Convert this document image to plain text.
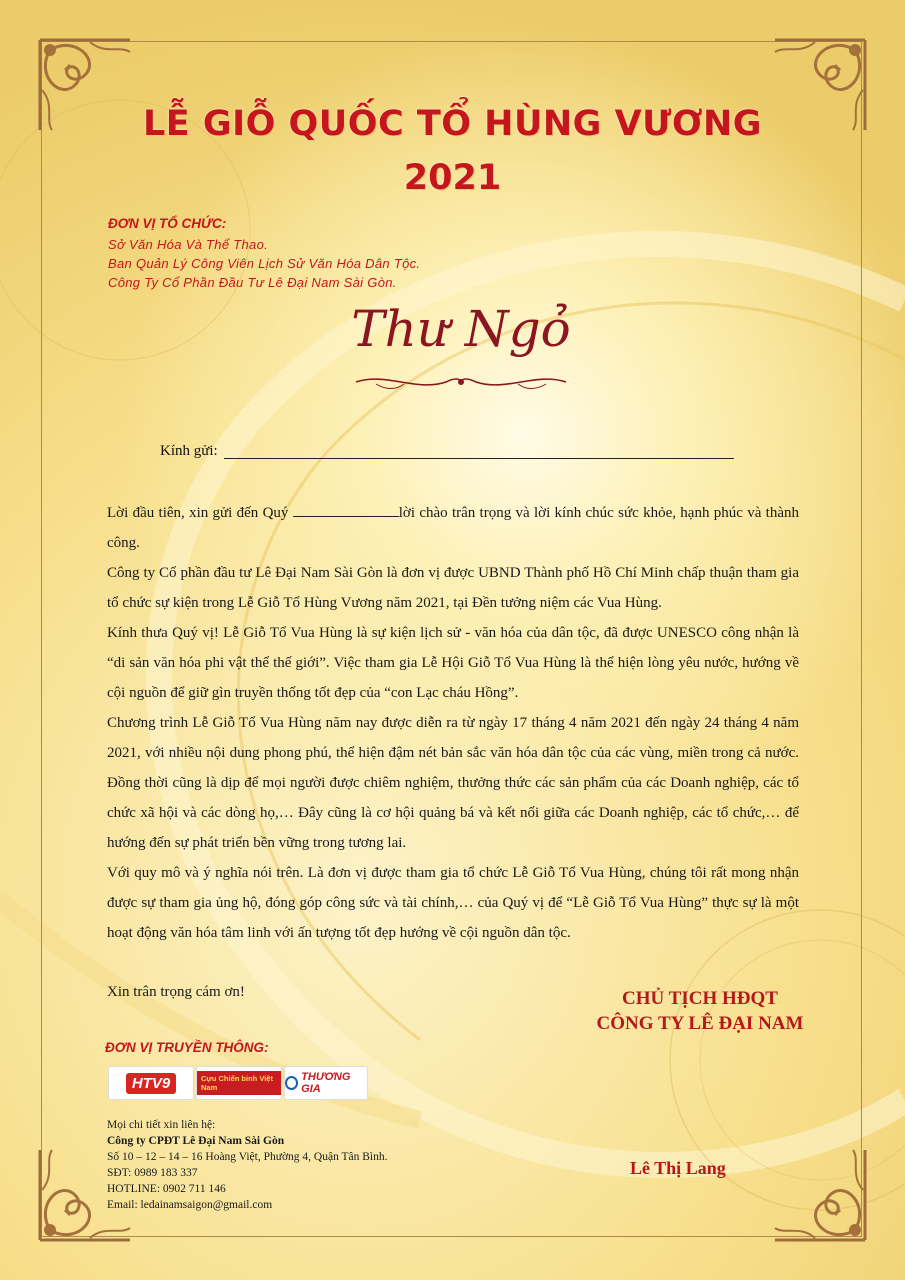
LỄ GIỖ QUỐC TỔ HÙNG VƯƠNG
2021
ĐƠN VỊ TỔ CHỨC:
Sở Văn Hóa Và Thể Thao.
Ban Quản Lý Công Viên Lịch Sử Văn Hóa Dân Tộc.
Công Ty Cổ Phần Đầu Tư Lê Đại Nam Sài Gòn.
Thư Ngỏ
Kính gửi:
Lời đầu tiên, xin gửi đến Quý	lời chào trân trọng và lời kính chúc sức khỏe, hạnh phúc và thành công.
Công ty Cổ phần đầu tư Lê Đại Nam Sài Gòn là đơn vị được UBND Thành phố Hồ Chí Minh chấp thuận tham gia tổ chức sự kiện trong Lễ Giỗ Tổ Hùng Vương năm 2021, tại Đền tưởng niệm các Vua Hùng.
Kính thưa Quý vị! Lễ Giỗ Tổ Vua Hùng là sự kiện lịch sử - văn hóa của dân tộc, đã được UNESCO công nhận là “di sản văn hóa phi vật thể thế giới”. Việc tham gia Lễ Hội Giỗ Tổ Vua Hùng là thể hiện lòng yêu nước, hướng về cội nguồn để giữ gìn truyền thống tốt đẹp của “con Lạc cháu Hồng”.
Chương trình Lễ Giỗ Tổ Vua Hùng năm nay được diễn ra từ ngày 17 tháng 4 năm 2021 đến ngày 24 tháng 4 năm 2021, với nhiều nội dung phong phú, thể hiện đậm nét bản sắc văn hóa dân tộc của các vùng, miền trong cả nước. Đồng thời cũng là dịp để mọi người được chiêm nghiệm, thưởng thức các sản phẩm của các Doanh nghiệp, các tổ chức xã hội và các dòng họ,… Đây cũng là cơ hội quảng bá và kết nối giữa các Doanh nghiệp, các tổ chức,… để hướng đến sự phát triển bền vững trong tương lai.
Với quy mô và ý nghĩa nói trên. Là đơn vị được tham gia tổ chức Lễ Giỗ Tổ Vua Hùng, chúng tôi rất mong nhận được sự tham gia ủng hộ, đóng góp công sức và tài chính,… của Quý vị để “Lễ Giỗ Tổ Vua Hùng” thực sự là một hoạt động văn hóa tâm linh với ấn tượng tốt đẹp hướng về cội nguồn dân tộc.
Xin trân trọng cám ơn!	CHỦ TỊCH HĐQT
CÔNG TY LÊ ĐẠI NAM
Lê Thị Lang
ĐƠN VỊ TRUYỀN THÔNG:
HTV9	Cựu Chiến binh Việt Nam
THƯƠNG GIA
Mọi chi tiết xin liên hệ:
Công ty CPĐT Lê Đại Nam Sài Gòn
Số 10 – 12 – 14 – 16 Hoàng Việt, Phường 4, Quận Tân Bình.
SĐT: 0989 183 337
HOTLINE: 0902 711 146
Email: ledainamsaigon@gmail.com
